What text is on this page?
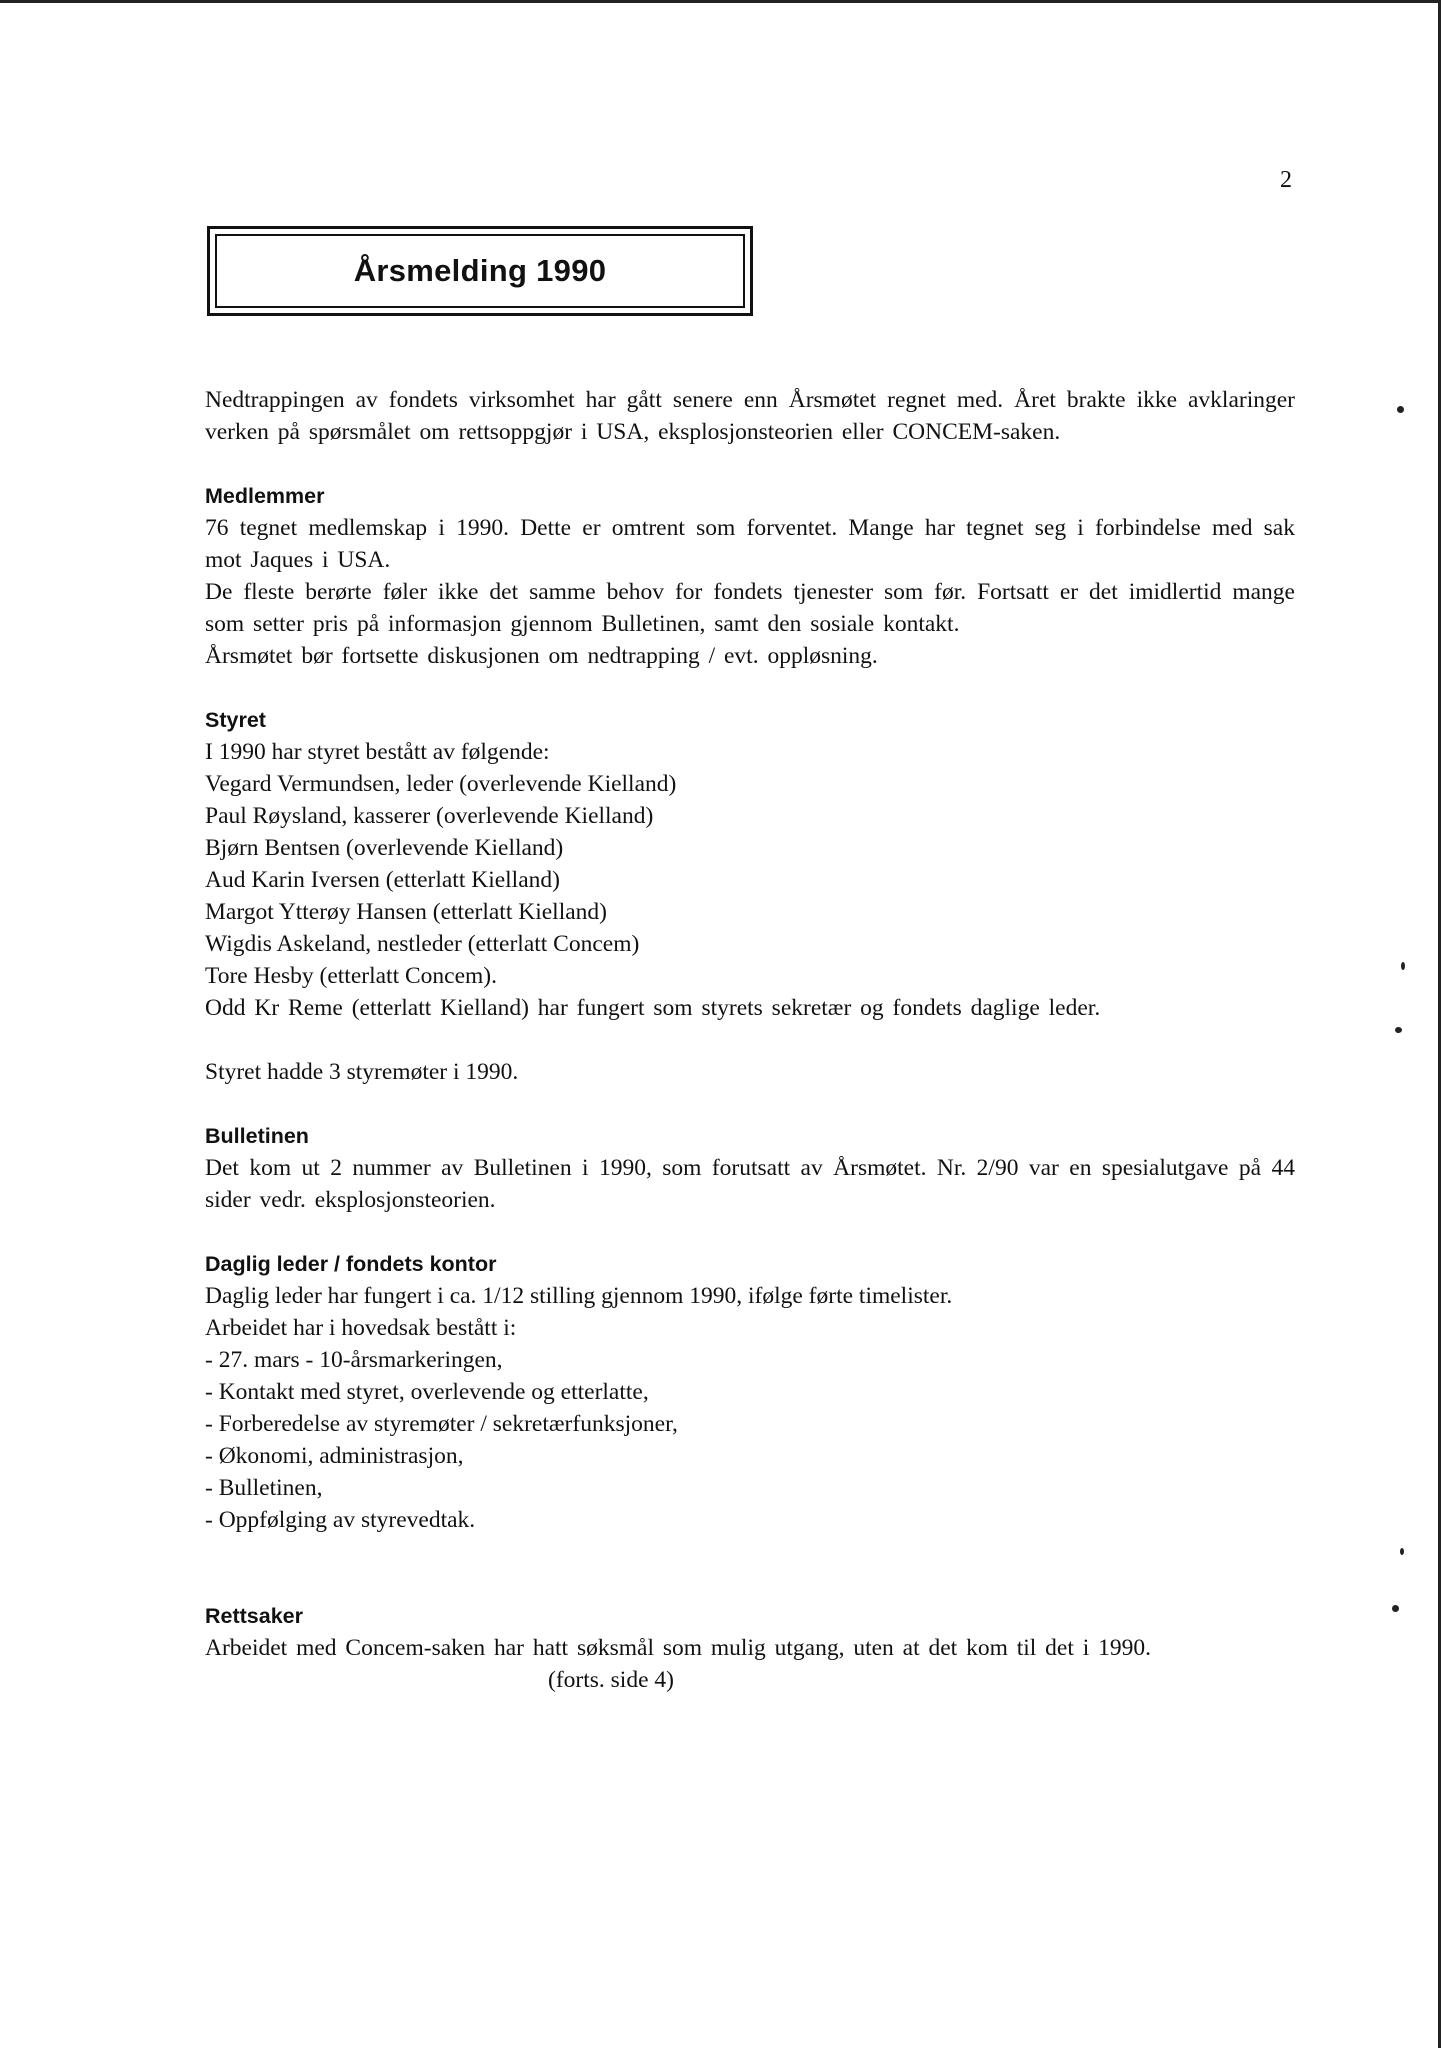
2
Årsmelding 1990

Nedtrappingen av fondets virksomhet har gått senere enn Årsmøtet regnet med. Året brakte ikke avklaringer verken på spørsmålet om rettsoppgjør i USA, eksplosjonsteorien eller CONCEM-saken.

Medlemmer

76 tegnet medlemskap i 1990. Dette er omtrent som forventet. Mange har tegnet seg i forbindelse med sak mot Jaques i USA.

De fleste berørte føler ikke det samme behov for fondets tjenester som før. Fortsatt er det imidlertid mange som setter pris på informasjon gjennom Bulletinen, samt den sosiale kontakt.

Årsmøtet bør fortsette diskusjonen om nedtrapping / evt. oppløsning.

Styret

I 1990 har styret bestått av følgende:
Vegard Vermundsen, leder (overlevende Kielland)
Paul Røysland, kasserer (overlevende Kielland)
Bjørn Bentsen (overlevende Kielland)
Aud Karin Iversen (etterlatt Kielland)
Margot Ytterøy Hansen (etterlatt Kielland)
Wigdis Askeland, nestleder (etterlatt Concem)
Tore Hesby (etterlatt Concem).

Odd Kr Reme (etterlatt Kielland) har fungert som styrets sekretær og fondets daglige leder.

Styret hadde 3 styremøter i 1990.

Bulletinen

Det kom ut 2 nummer av Bulletinen i 1990, som forutsatt av Årsmøtet. Nr. 2/90 var en spesialutgave på 44 sider vedr. eksplosjonsteorien.

Daglig leder / fondets kontor

Daglig leder har fungert i ca. 1/12 stilling gjennom 1990, ifølge førte timelister.
Arbeidet har i hovedsak bestått i:
- 27. mars - 10-årsmarkeringen,
- Kontakt med styret, overlevende og etterlatte,
- Forberedelse av styremøter / sekretærfunksjoner,
- Økonomi, administrasjon,
- Bulletinen,
- Oppfølging av styrevedtak.

Rettsaker

Arbeidet med Concem-saken har hatt søksmål som mulig utgang, uten at det kom til det i 1990.

(forts. side 4)
